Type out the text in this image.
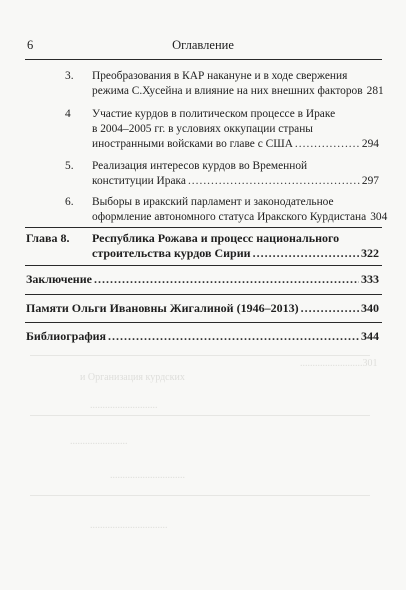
.........................301
и Организация курдских
...........................
.......................
..............................
...............................
6	Оглавление
3. Преобразования в КАР накануне и в ходе свержения
режима С.Хусейна и влияние на них внешних факторов 281
4 Участие курдов в политическом процессе в Ираке
в 2004–2005 гг. в условиях оккупации страны
иностранными войсками во главе с США .....	294
5. Реализация интересов курдов во Временной
конституции Ирака .....	297
6. Выборы в иракский парламент и законодательное
оформление автономного статуса Иракского Курдистана 304
Глава 8. Республика Рожава и процесс национального
строительства курдов Сирии .....	322
Заключение .....	333
Памяти Ольги Ивановны Жигалиной (1946–2013) .....	340
Библиография .....	344
